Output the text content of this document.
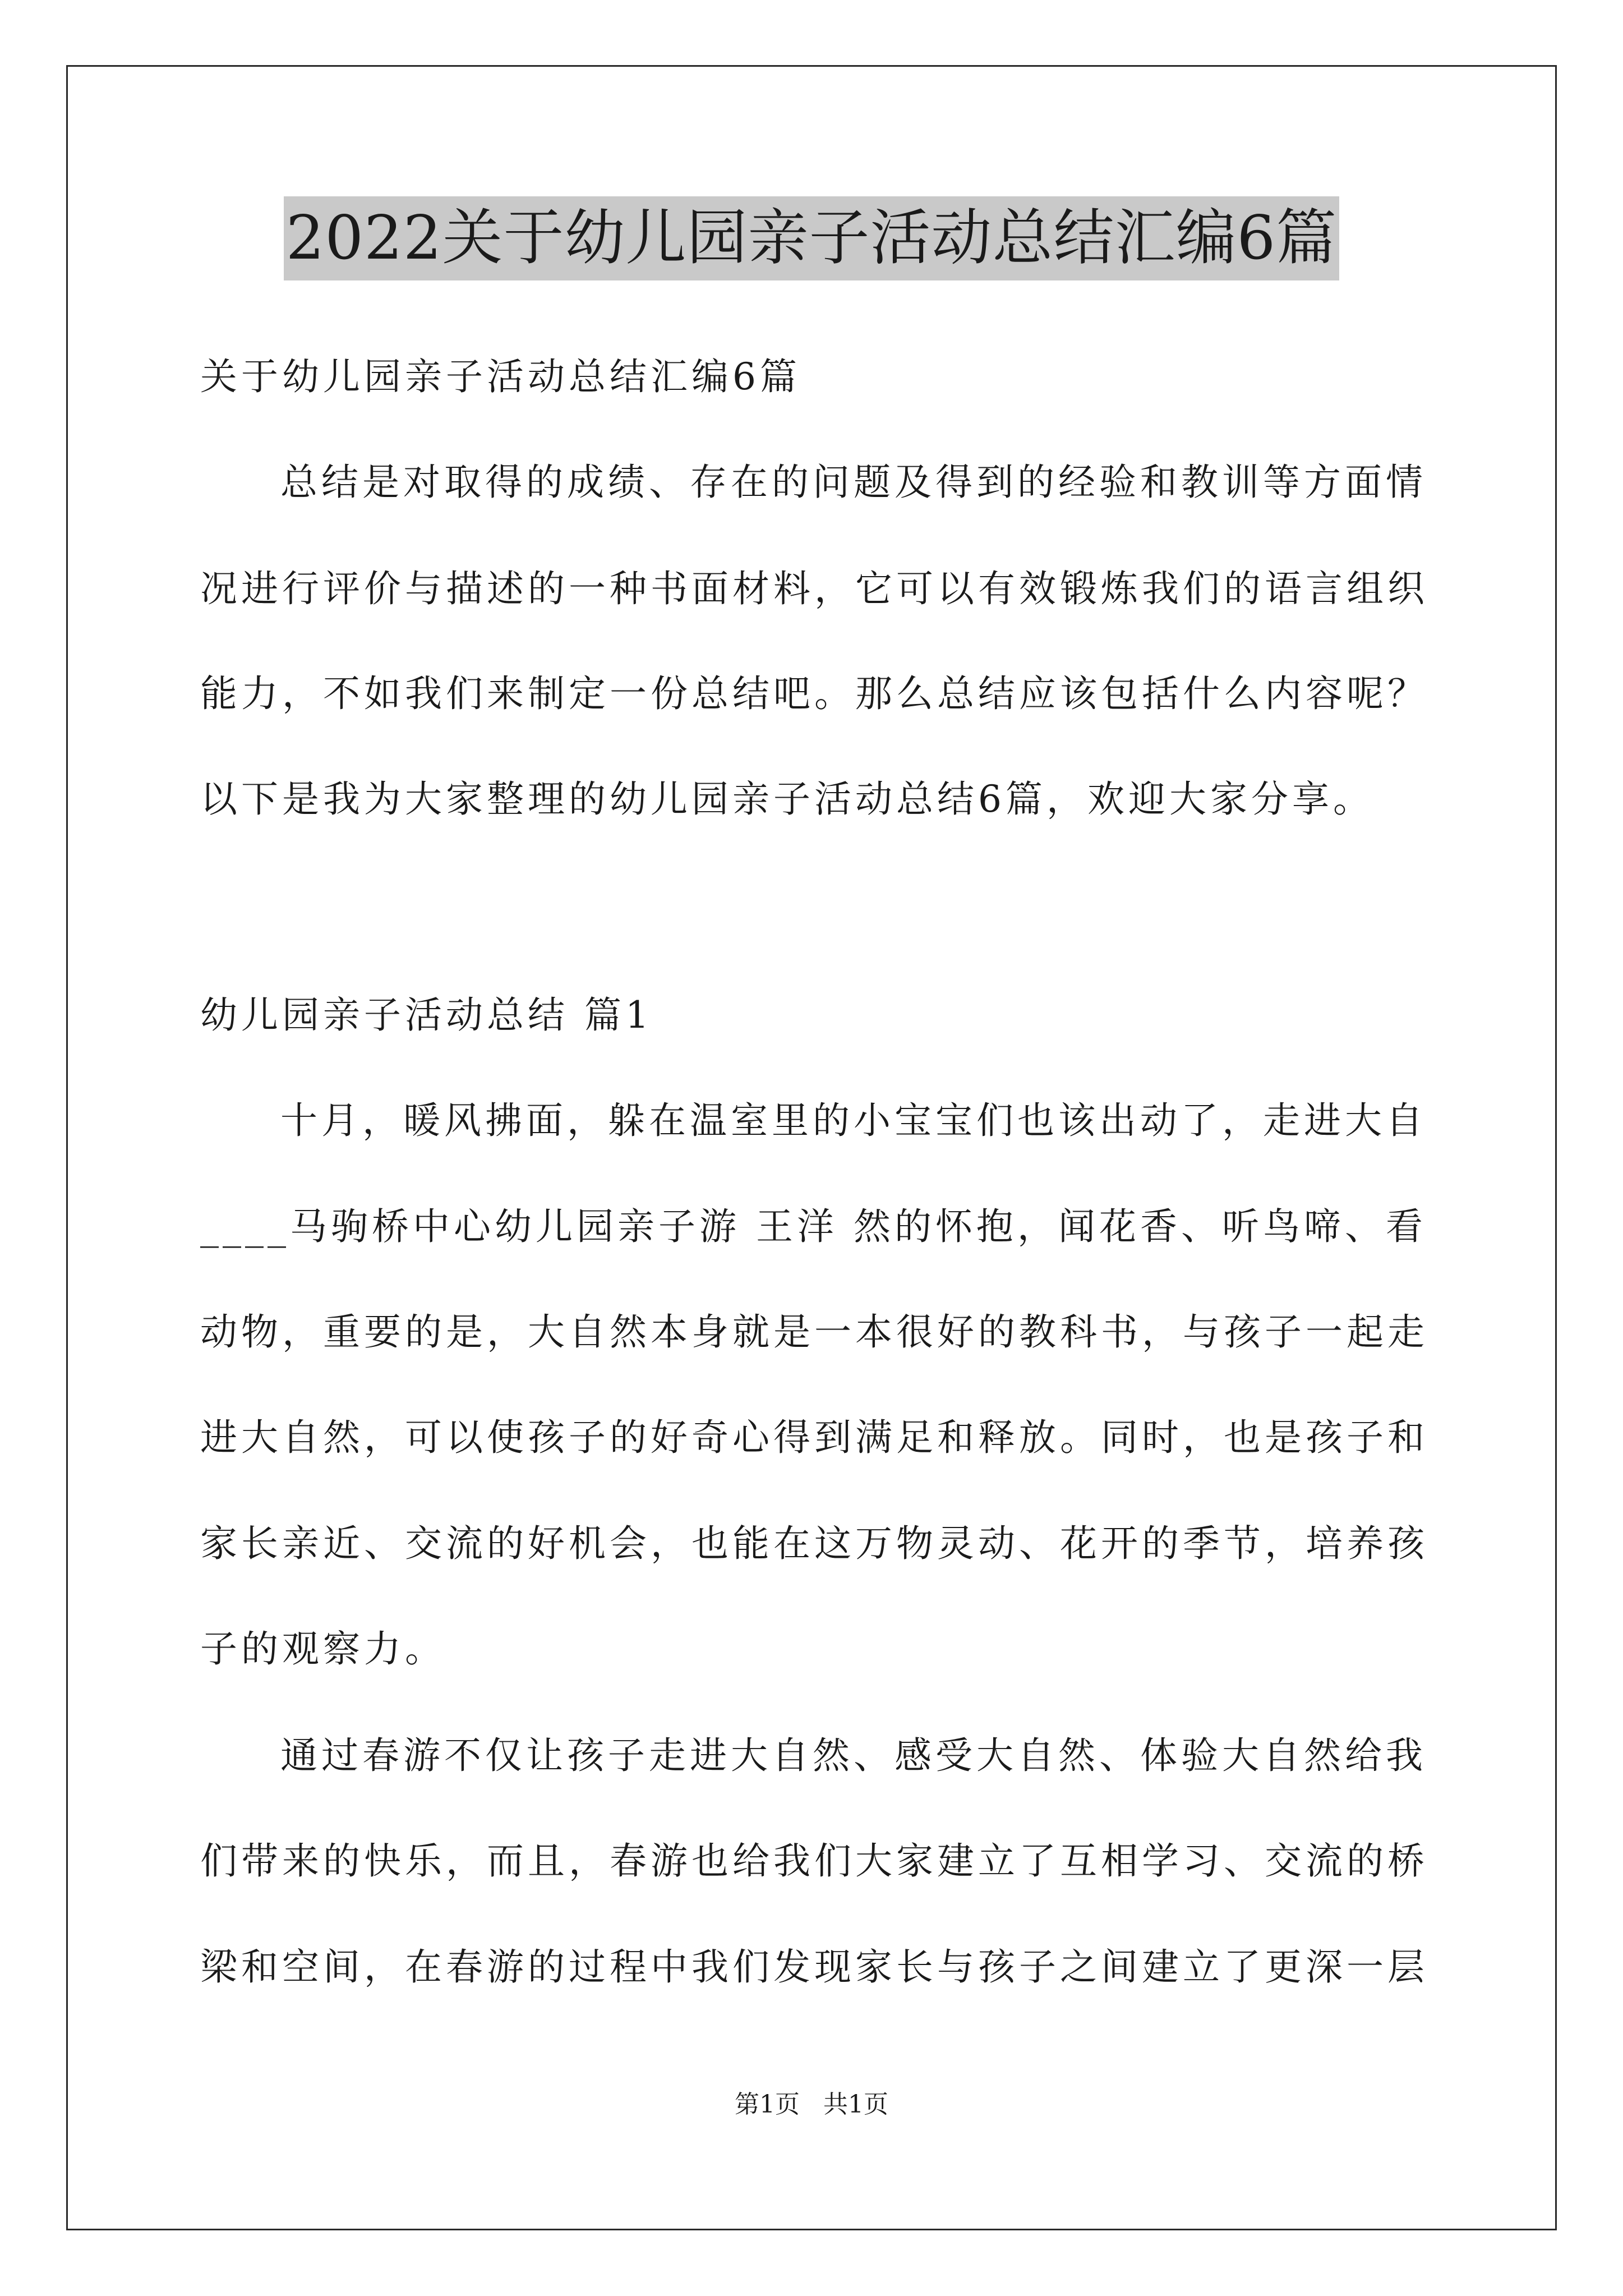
2022关于幼儿园亲子活动总结汇编6篇
关于幼儿园亲子活动总结汇编6篇
总结是对取得的成绩、存在的问题及得到的经验和教训等方面情
况进行评价与描述的一种书面材料，它可以有效锻炼我们的语言组织
能力，不如我们来制定一份总结吧。那么总结应该包括什么内容呢？
以下是我为大家整理的幼儿园亲子活动总结6篇，欢迎大家分享。
幼儿园亲子活动总结 篇1
十月，暖风拂面，躲在温室里的小宝宝们也该出动了，走进大自
____马驹桥中心幼儿园亲子游 王洋 然的怀抱，闻花香、听鸟啼、看
动物，重要的是，大自然本身就是一本很好的教科书，与孩子一起走
进大自然，可以使孩子的好奇心得到满足和释放。同时，也是孩子和
家长亲近、交流的好机会，也能在这万物灵动、花开的季节，培养孩
子的观察力。
通过春游不仅让孩子走进大自然、感受大自然、体验大自然给我
们带来的快乐，而且，春游也给我们大家建立了互相学习、交流的桥
梁和空间，在春游的过程中我们发现家长与孩子之间建立了更深一层
第1页   共1页
